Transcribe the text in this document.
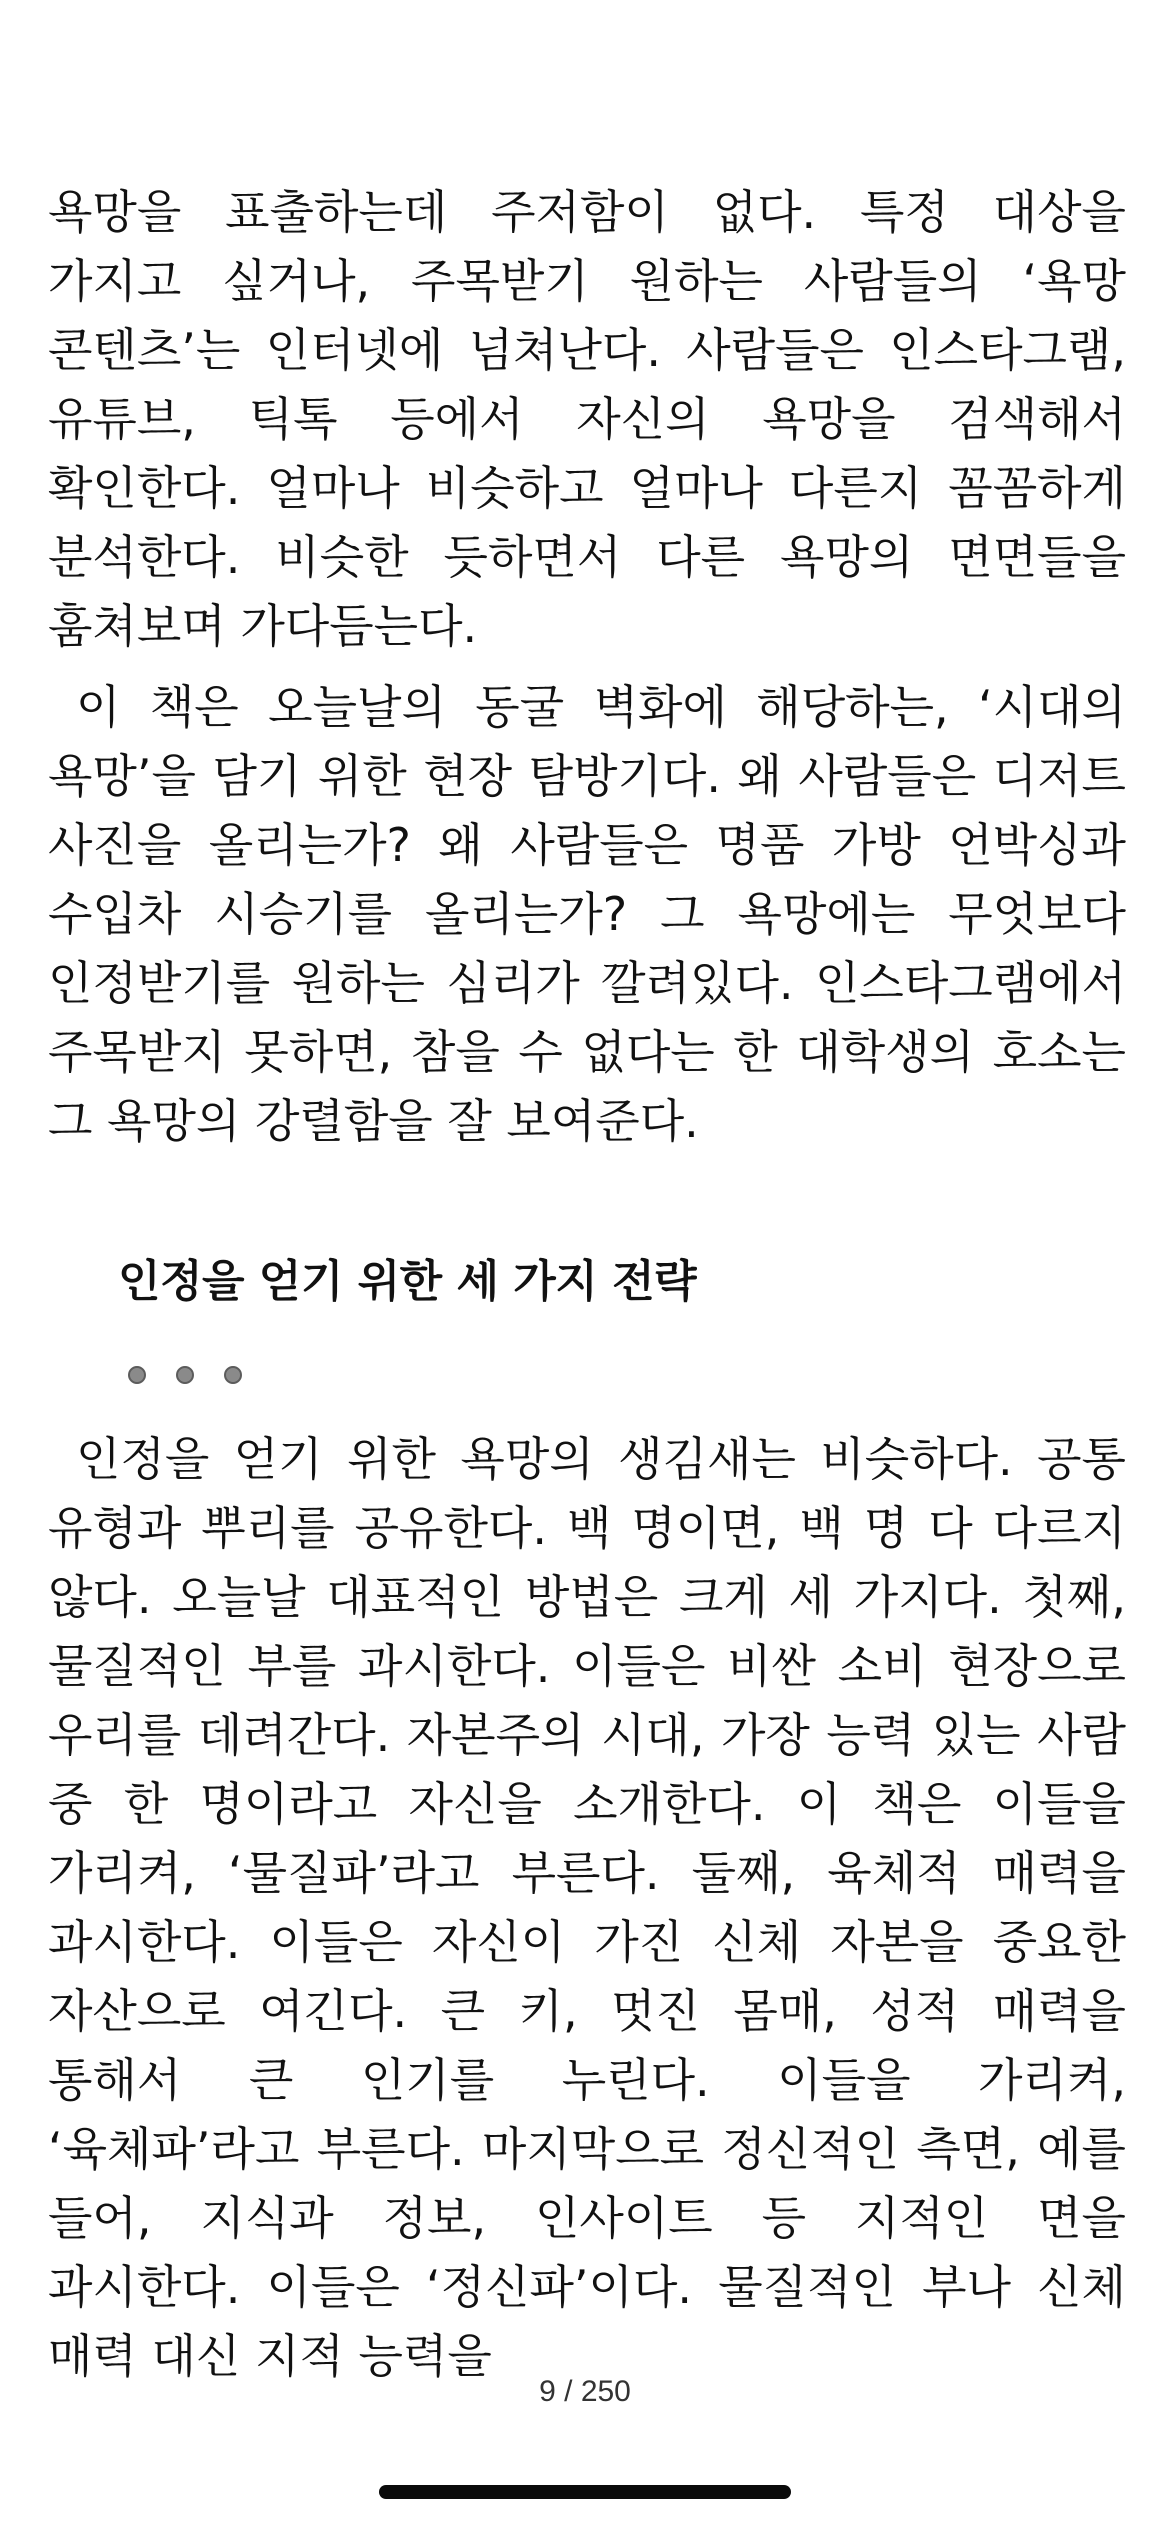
욕망을 표출하는데 주저함이 없다. 특정 대상을 가지고 싶거나, 주목받기 원하는 사람들의 ‘욕망 콘텐츠’는 인터넷에 넘쳐난다. 사람들은 인스타그램, 유튜브, 틱톡 등에서 자신의 욕망을 검색해서 확인한다. 얼마나 비슷하고 얼마나 다른지 꼼꼼하게 분석한다. 비슷한 듯하면서 다른 욕망의 면면들을 훔쳐보며 가다듬는다.

이 책은 오늘날의 동굴 벽화에 해당하는, ‘시대의 욕망’을 담기 위한 현장 탐방기다. 왜 사람들은 디저트 사진을 올리는가? 왜 사람들은 명품 가방 언박싱과 수입차 시승기를 올리는가? 그 욕망에는 무엇보다 인정받기를 원하는 심리가 깔려있다. 인스타그램에서 주목받지 못하면, 참을 수 없다는 한 대학생의 호소는 그 욕망의 강렬함을 잘 보여준다.

인정을 얻기 위한 세 가지 전략

인정을 얻기 위한 욕망의 생김새는 비슷하다. 공통 유형과 뿌리를 공유한다. 백 명이면, 백 명 다 다르지 않다. 오늘날 대표적인 방법은 크게 세 가지다. 첫째, 물질적인 부를 과시한다. 이들은 비싼 소비 현장으로 우리를 데려간다. 자본주의 시대, 가장 능력 있는 사람 중 한 명이라고 자신을 소개한다. 이 책은 이들을 가리켜, ‘물질파’라고 부른다. 둘째, 육체적 매력을 과시한다. 이들은 자신이 가진 신체 자본을 중요한 자산으로 여긴다. 큰 키, 멋진 몸매, 성적 매력을 통해서 큰 인기를 누린다. 이들을 가리켜, ‘육체파’라고 부른다. 마지막으로 정신적인 측면, 예를 들어, 지식과 정보, 인사이트 등 지적인 면을 과시한다. 이들은 ‘정신파’이다. 물질적인 부나 신체 매력 대신 지적 능력을

9 / 250
